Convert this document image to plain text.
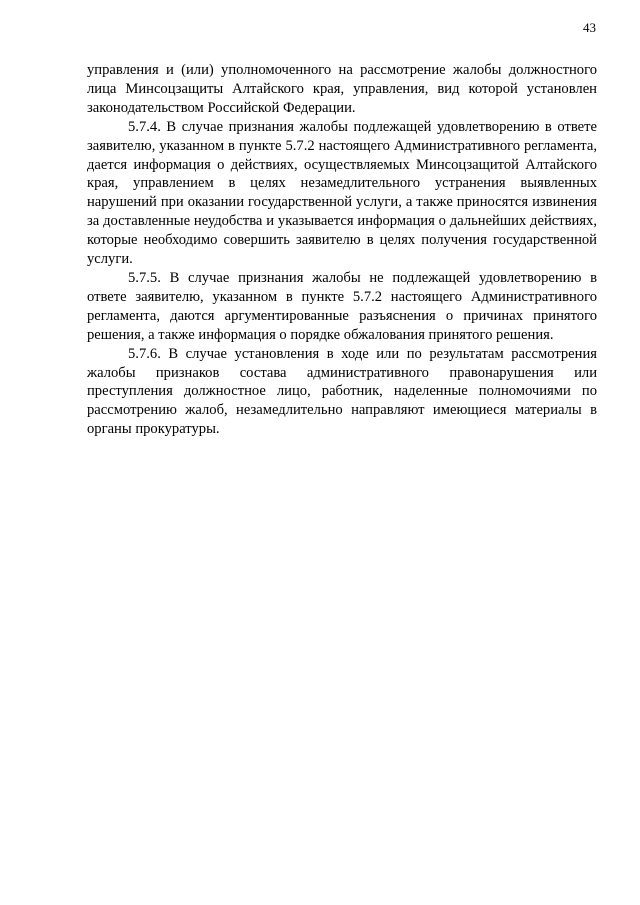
43

управления и (или) уполномоченного на рассмотрение жалобы должностного лица Минсоцзащиты Алтайского края, управления, вид которой установлен законодательством Российской Федерации.

5.7.4. В случае признания жалобы подлежащей удовлетворению в ответе заявителю, указанном в пункте 5.7.2 настоящего Административного регламента, дается информация о действиях, осуществляемых Минсоцзащитой Алтайского края, управлением в целях незамедлительного устранения выявленных нарушений при оказании государственной услуги, а также приносятся извинения за доставленные неудобства и указывается информация о дальнейших действиях, которые необходимо совершить заявителю в целях получения государственной услуги.

5.7.5. В случае признания жалобы не подлежащей удовлетворению в ответе заявителю, указанном в пункте 5.7.2 настоящего Административного регламента, даются аргументированные разъяснения о причинах принятого решения, а также информация о порядке обжалования принятого решения.

5.7.6. В случае установления в ходе или по результатам рассмотрения жалобы признаков состава административного правонарушения или преступления должностное лицо, работник, наделенные полномочиями по рассмотрению жалоб, незамедлительно направляют имеющиеся материалы в органы прокуратуры.
